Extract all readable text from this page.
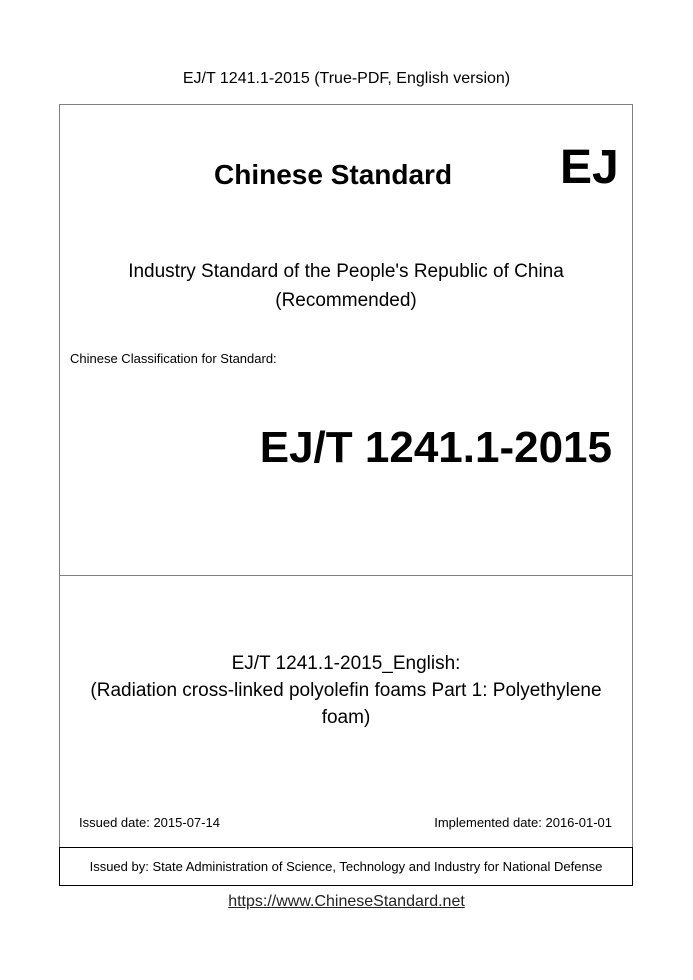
EJ/T 1241.1-2015 (True-PDF, English version)
Chinese Standard EJ
Industry Standard of the People's Republic of China
(Recommended)
Chinese Classification for Standard:
EJ/T 1241.1-2015
EJ/T 1241.1-2015_English:
(Radiation cross-linked polyolefin foams Part 1: Polyethylene
foam)
Issued date: 2015-07-14	Implemented date: 2016-01-01
Issued by: State Administration of Science, Technology and Industry for National Defense
https://www.ChineseStandard.net
